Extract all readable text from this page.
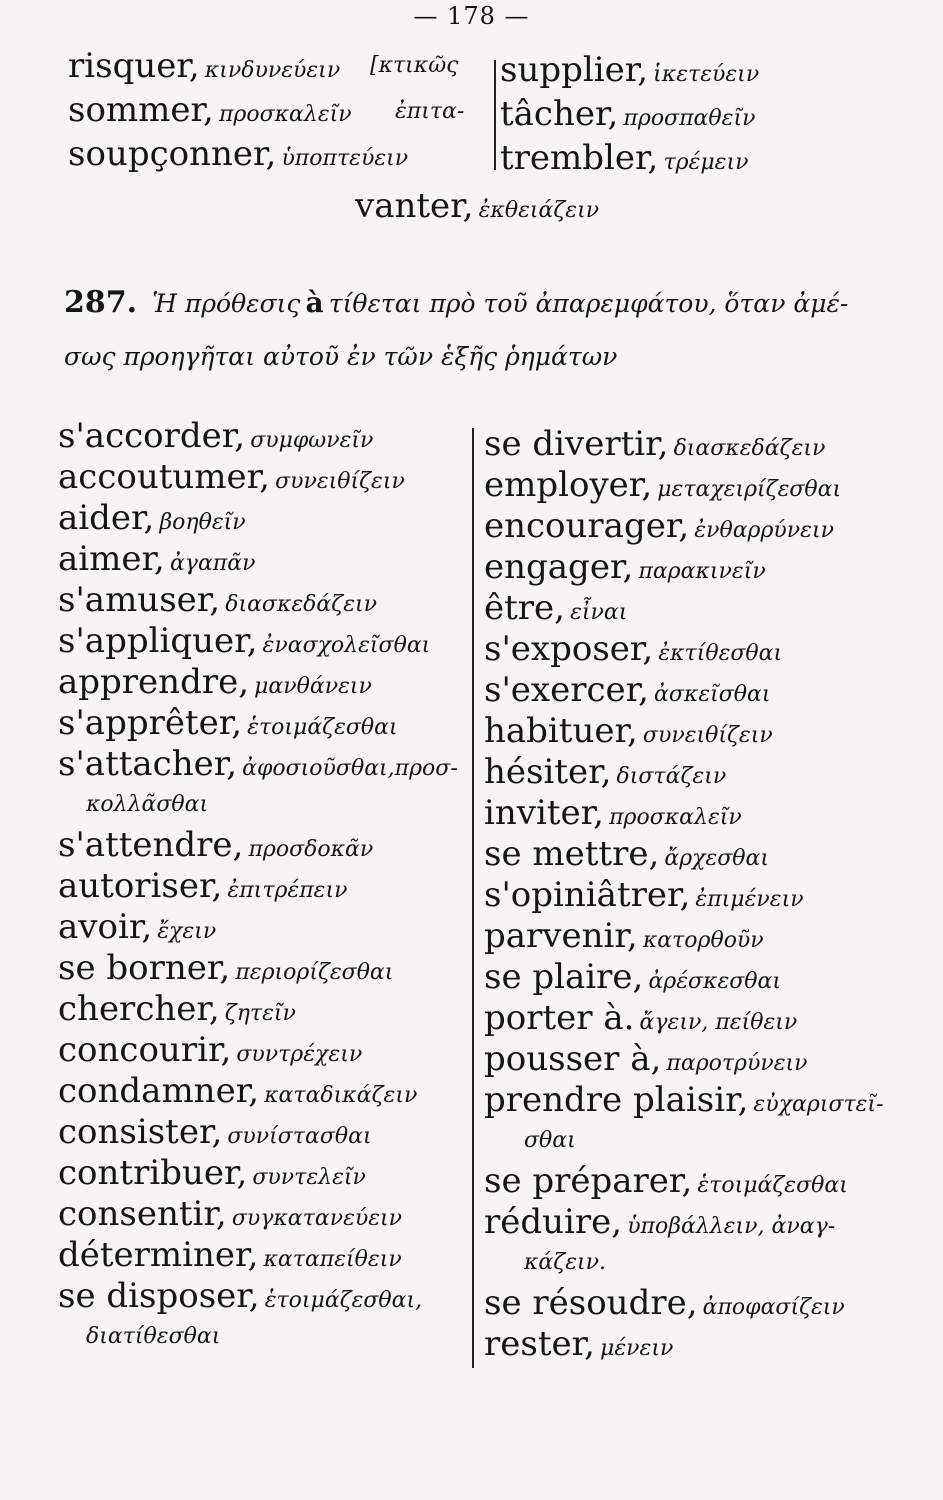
— 178 —
risquer, κινδυνεύειν
sommer, προσκαλεῖν
soupçonner, ὑποπτεύειν
[κτικῶς
ἐπιτα-
supplier, ἱκετεύειν
tâcher, προσπαθεῖν
trembler, τρέμειν
vanter, ἐκθειάζειν
287. Ἡ πρόθεσις à τίθεται πρὸ τοῦ ἀπαρεμφάτου, ὅταν ἀμέ-
σως προηγῆται αὐτοῦ ἐν τῶν ἑξῆς ῥημάτων
s'accorder, συμφωνεῖν
accoutumer, συνειθίζειν
aider, βοηθεῖν
aimer, ἀγαπᾶν
s'amuser, διασκεδάζειν
s'appliquer, ἐνασχολεῖσθαι
apprendre, μανθάνειν
s'apprêter, ἑτοιμάζεσθαι
s'attacher, ἀφοσιοῦσθαι,προσ-
κολλᾶσθαι
s'attendre, προσδοκᾶν
autoriser, ἐπιτρέπειν
avoir, ἔχειν
se borner, περιορίζεσθαι
chercher, ζητεῖν
concourir, συντρέχειν
condamner, καταδικάζειν
consister, συνίστασθαι
contribuer, συντελεῖν
consentir, συγκατανεύειν
déterminer, καταπείθειν
se disposer, ἑτοιμάζεσθαι,
διατίθεσθαι
se divertir, διασκεδάζειν
employer, μεταχειρίζεσθαι
encourager, ἐνθαρρύνειν
engager, παρακινεῖν
être, εἶναι
s'exposer, ἐκτίθεσθαι
s'exercer, ἀσκεῖσθαι
habituer, συνειθίζειν
hésiter, διστάζειν
inviter, προσκαλεῖν
se mettre, ἄρχεσθαι
s'opiniâtrer, ἐπιμένειν
parvenir, κατορθοῦν
se plaire, ἀρέσκεσθαι
porter à. ἄγειν, πείθειν
pousser à, παροτρύνειν
prendre plaisir, εὐχαριστεῖ-
σθαι
se préparer, ἑτοιμάζεσθαι
réduire, ὑποβάλλειν, ἀναγ-
κάζειν.
se résoudre, ἀποφασίζειν
rester, μένειν
